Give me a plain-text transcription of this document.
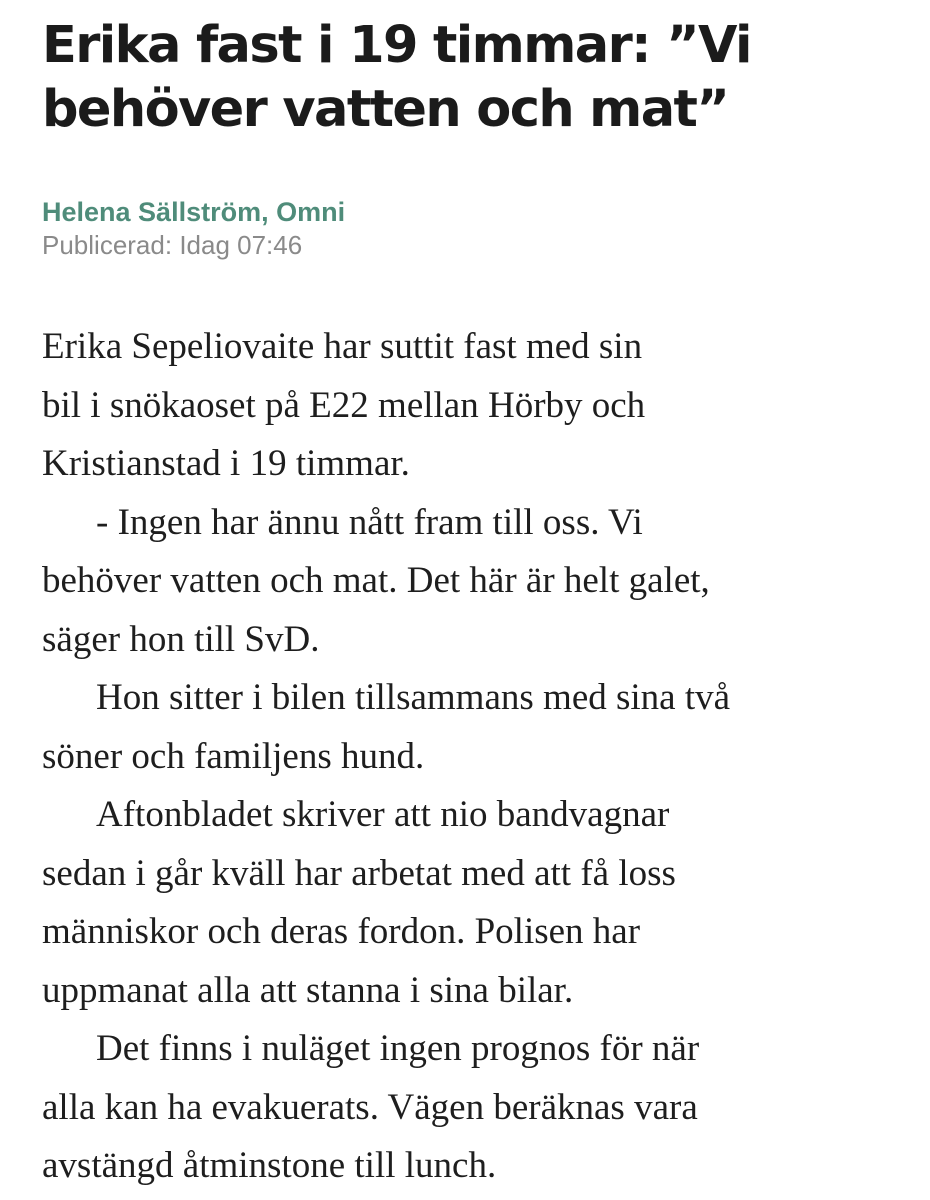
Erika fast i 19 timmar: ”Vi
behöver vatten och mat”
Helena Sällström, Omni
Publicerad: Idag 07:46
Erika Sepeliovaite har suttit fast med sin
bil i snökaoset på E22 mellan Hörby och
Kristianstad i 19 timmar.
- Ingen har ännu nått fram till oss. Vi
behöver vatten och mat. Det här är helt galet,
säger hon till SvD.
Hon sitter i bilen tillsammans med sina två
söner och familjens hund.
Aftonbladet skriver att nio bandvagnar
sedan i går kväll har arbetat med att få loss
människor och deras fordon. Polisen har
uppmanat alla att stanna i sina bilar.
Det finns i nuläget ingen prognos för när
alla kan ha evakuerats. Vägen beräknas vara
avstängd åtminstone till lunch.
